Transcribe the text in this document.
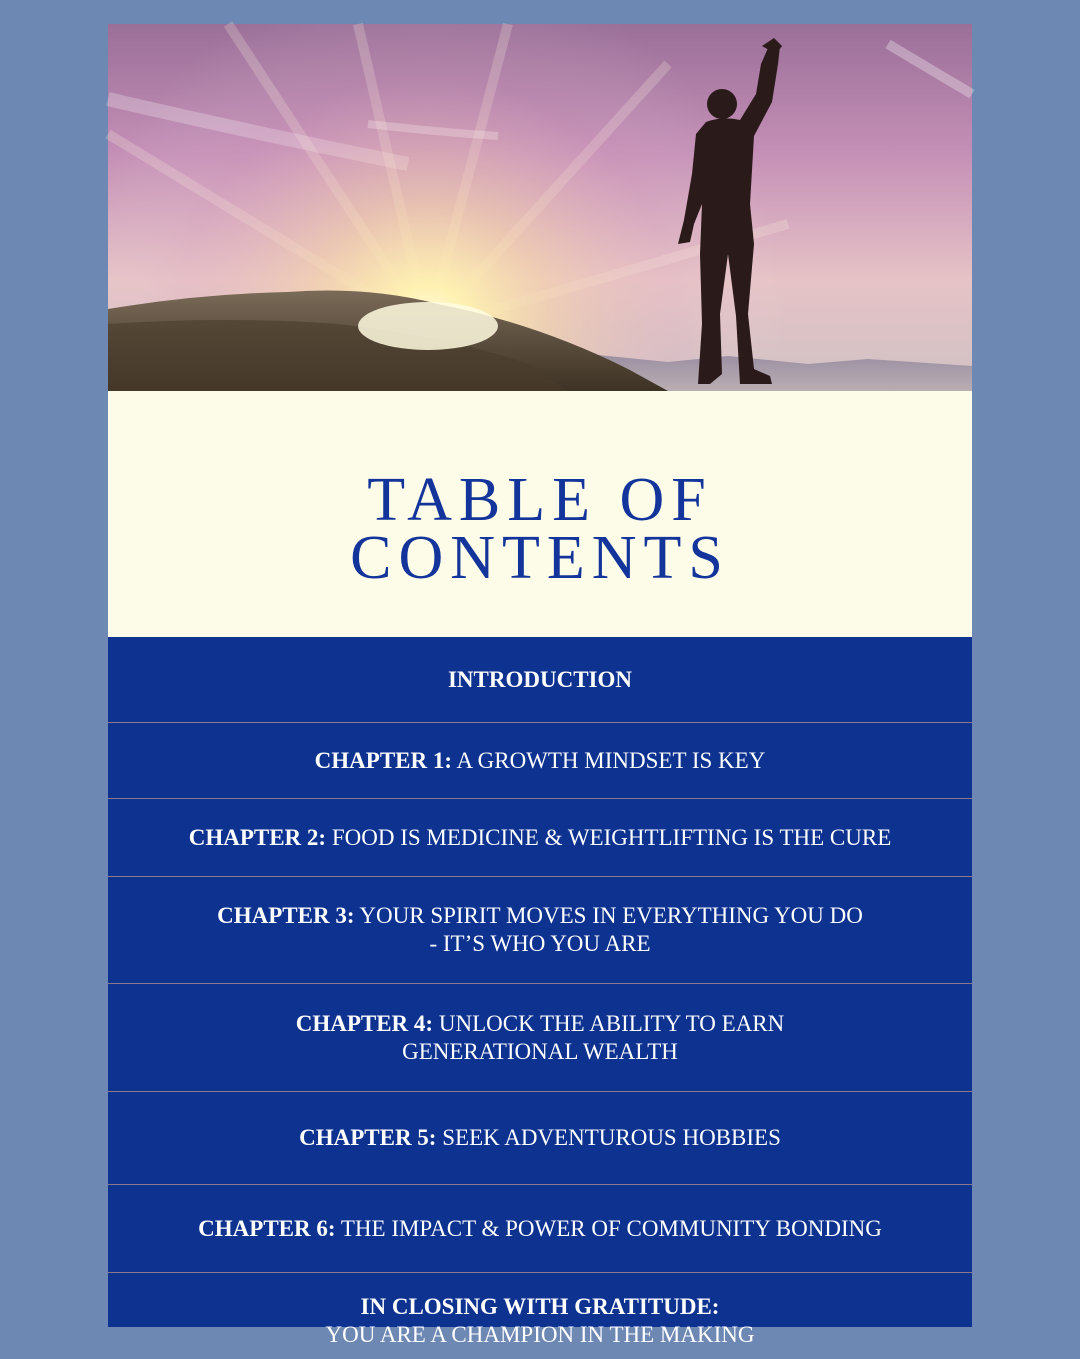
TABLE OF
CONTENTS
INTRODUCTION
CHAPTER 1: A GROWTH MINDSET IS KEY
CHAPTER 2: FOOD IS MEDICINE & WEIGHTLIFTING IS THE CURE
CHAPTER 3: YOUR SPIRIT MOVES IN EVERYTHING YOU DO
- IT’S WHO YOU ARE
CHAPTER 4: UNLOCK THE ABILITY TO EARN
GENERATIONAL WEALTH
CHAPTER 5: SEEK ADVENTUROUS HOBBIES
CHAPTER 6: THE IMPACT & POWER OF COMMUNITY BONDING
IN CLOSING WITH GRATITUDE:
YOU ARE A CHAMPION IN THE MAKING
